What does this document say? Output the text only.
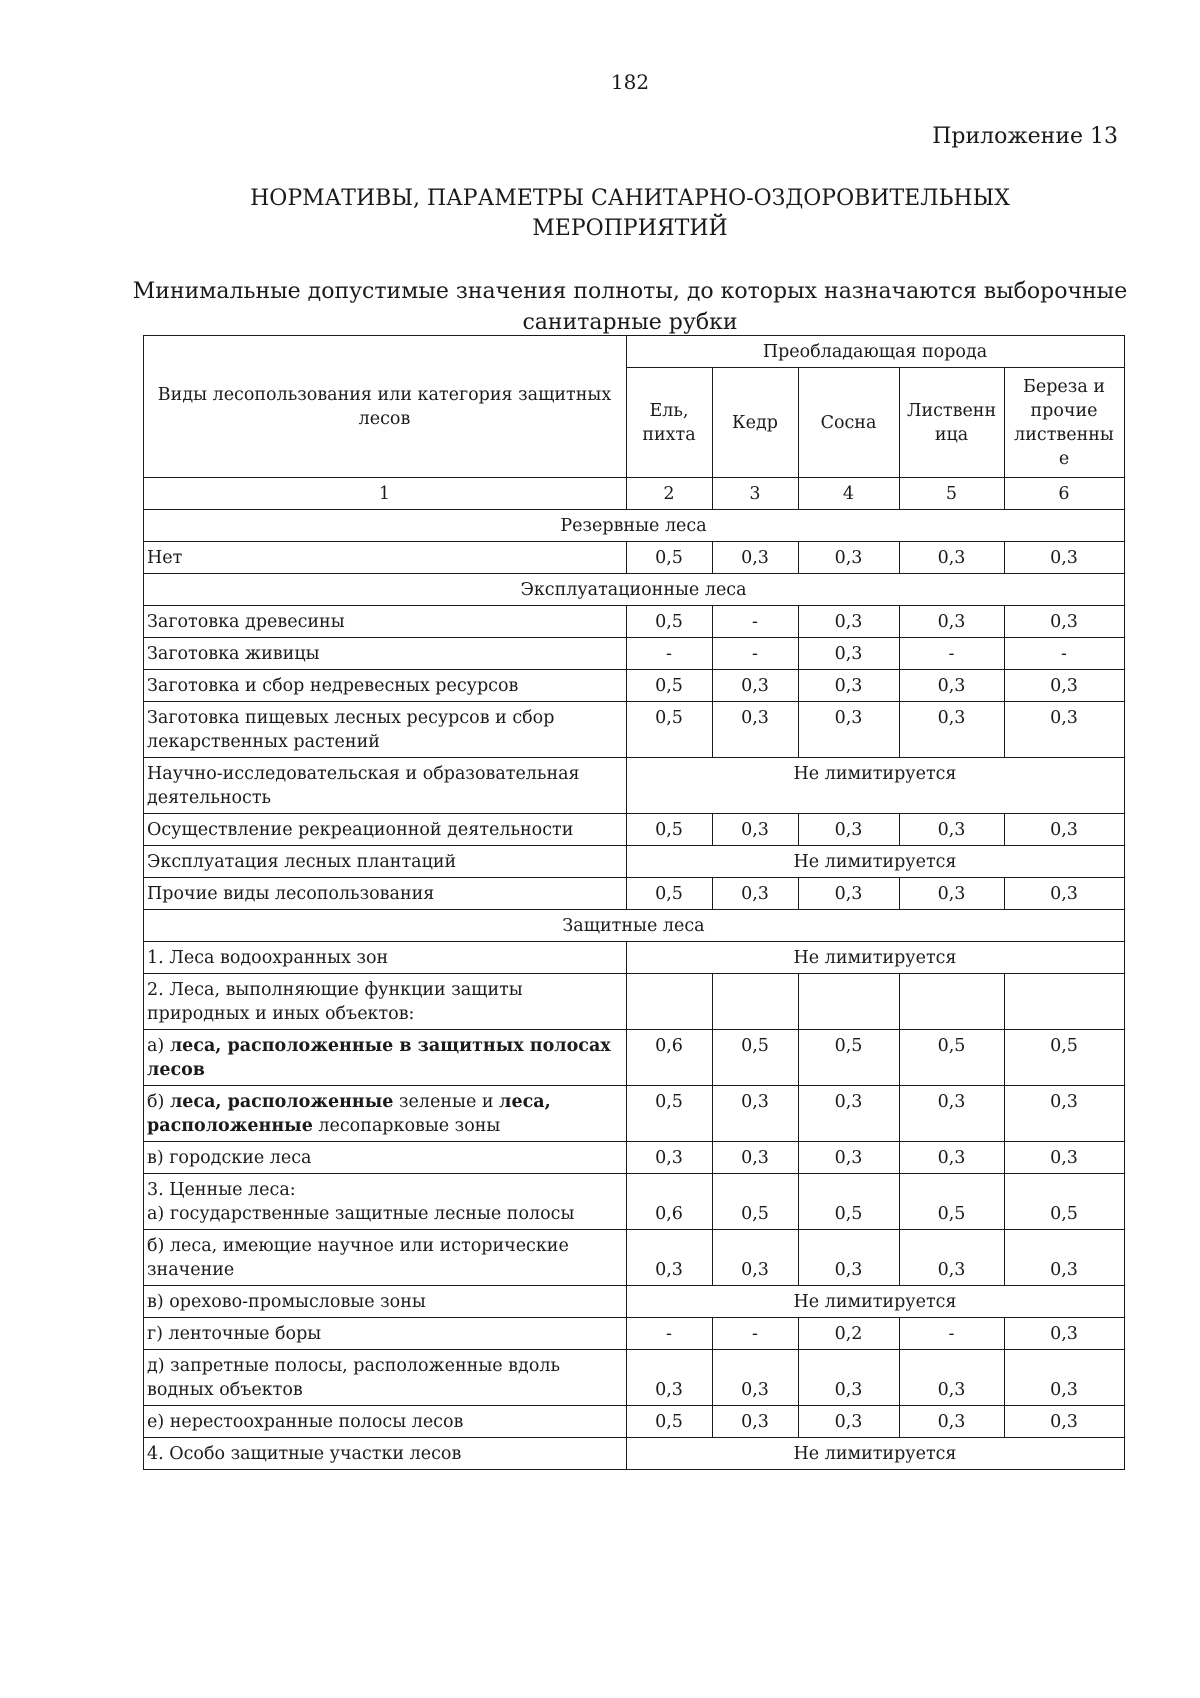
182
Приложение 13
НОРМАТИВЫ, ПАРАМЕТРЫ САНИТАРНО-ОЗДОРОВИТЕЛЬНЫХ
МЕРОПРИЯТИЙ
Минимальные допустимые значения полноты, до которых назначаются выборочные
санитарные рубки
Виды лесопользования или категория защитных лесов	Преобладающая порода				
	Ель, пихта	Кедр	Сосна	Лиственн ица	Береза и прочие лиственны е
1	2	3	4	5	6
Резервные леса					
Нет	0,5	0,3	0,3	0,3	0,3
Эксплуатационные леса					
Заготовка древесины	0,5	-	0,3	0,3	0,3
Заготовка живицы	-	-	0,3	-	-
Заготовка и сбор недревесных ресурсов	0,5	0,3	0,3	0,3	0,3
Заготовка пищевых лесных ресурсов и сбор лекарственных растений	0,5	0,3	0,3	0,3	0,3
Научно-исследовательская и образовательная деятельность	Не лимитируется				
Осуществление рекреационной деятельности	0,5	0,3	0,3	0,3	0,3
Эксплуатация лесных плантаций	Не лимитируется				
Прочие виды лесопользования	0,5	0,3	0,3	0,3	0,3
Защитные леса					
1. Леса водоохранных зон	Не лимитируется				
2. Леса, выполняющие функции защиты природных и иных объектов:					
а) леса, расположенные в защитных полосах лесов	0,6	0,5	0,5	0,5	0,5
б) леса, расположенные зеленые и леса, расположенные лесопарковые зоны	0,5	0,3	0,3	0,3	0,3
в) городские леса	0,3	0,3	0,3	0,3	0,3

3. Ценные леса:
а) государственные защитные лесные полосы	0,6	0,5	0,5	0,5	0,5
б) леса, имеющие научное или исторические значение	0,3	0,3	0,3	0,3	0,3
в) орехово-промысловые зоны	Не лимитируется				
г) ленточные боры	-	-	0,2	-	0,3
д) запретные полосы, расположенные вдоль водных объектов	0,3	0,3	0,3	0,3	0,3
е) нерестоохранные полосы лесов	0,5	0,3	0,3	0,3	0,3
4. Особо защитные участки лесов	Не лимитируется				
